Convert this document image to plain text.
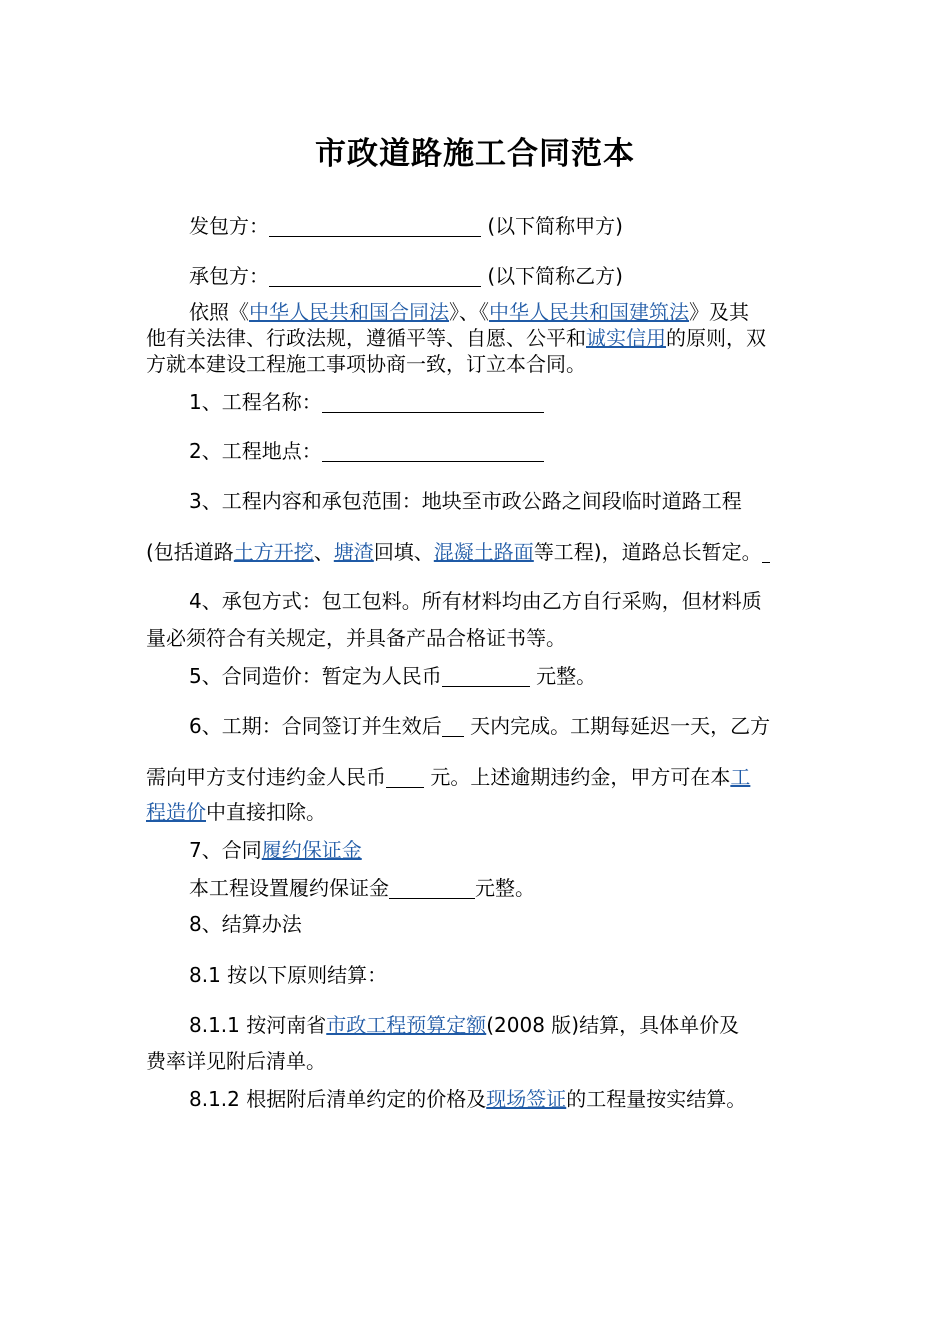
市政道路施工合同范本
发包方：	(以下简称甲方)
承包方：	(以下简称乙方)
依照《中华人民共和国合同法》、《中华人民共和国建筑法》及其
他有关法律、行政法规，遵循平等、自愿、公平和诚实信用的原则，双
方就本建设工程施工事项协商一致，订立本合同。
1、工程名称：
2、工程地点：
3、工程内容和承包范围：地块至市政公路之间段临时道路工程
(包括道路土方开挖、塘渣回填、混凝土路面等工程)，道路总长暂定。
4、承包方式：包工包料。所有材料均由乙方自行采购，但材料质
量必须符合有关规定，并具备产品合格证书等。
5、合同造价：暂定为人民币	元整。
6、工期：合同签订并生效后 天内完成。工期每延迟一天，乙方
需向甲方支付违约金人民币 元。上述逾期违约金，甲方可在本工
程造价中直接扣除。
7、合同履约保证金
本工程设置履约保证金	元整。
8、结算办法
8.1 按以下原则结算：
8.1.1 按河南省市政工程预算定额(2008 版)结算，具体单价及
费率详见附后清单。
8.1.2 根据附后清单约定的价格及现场签证的工程量按实结算。
